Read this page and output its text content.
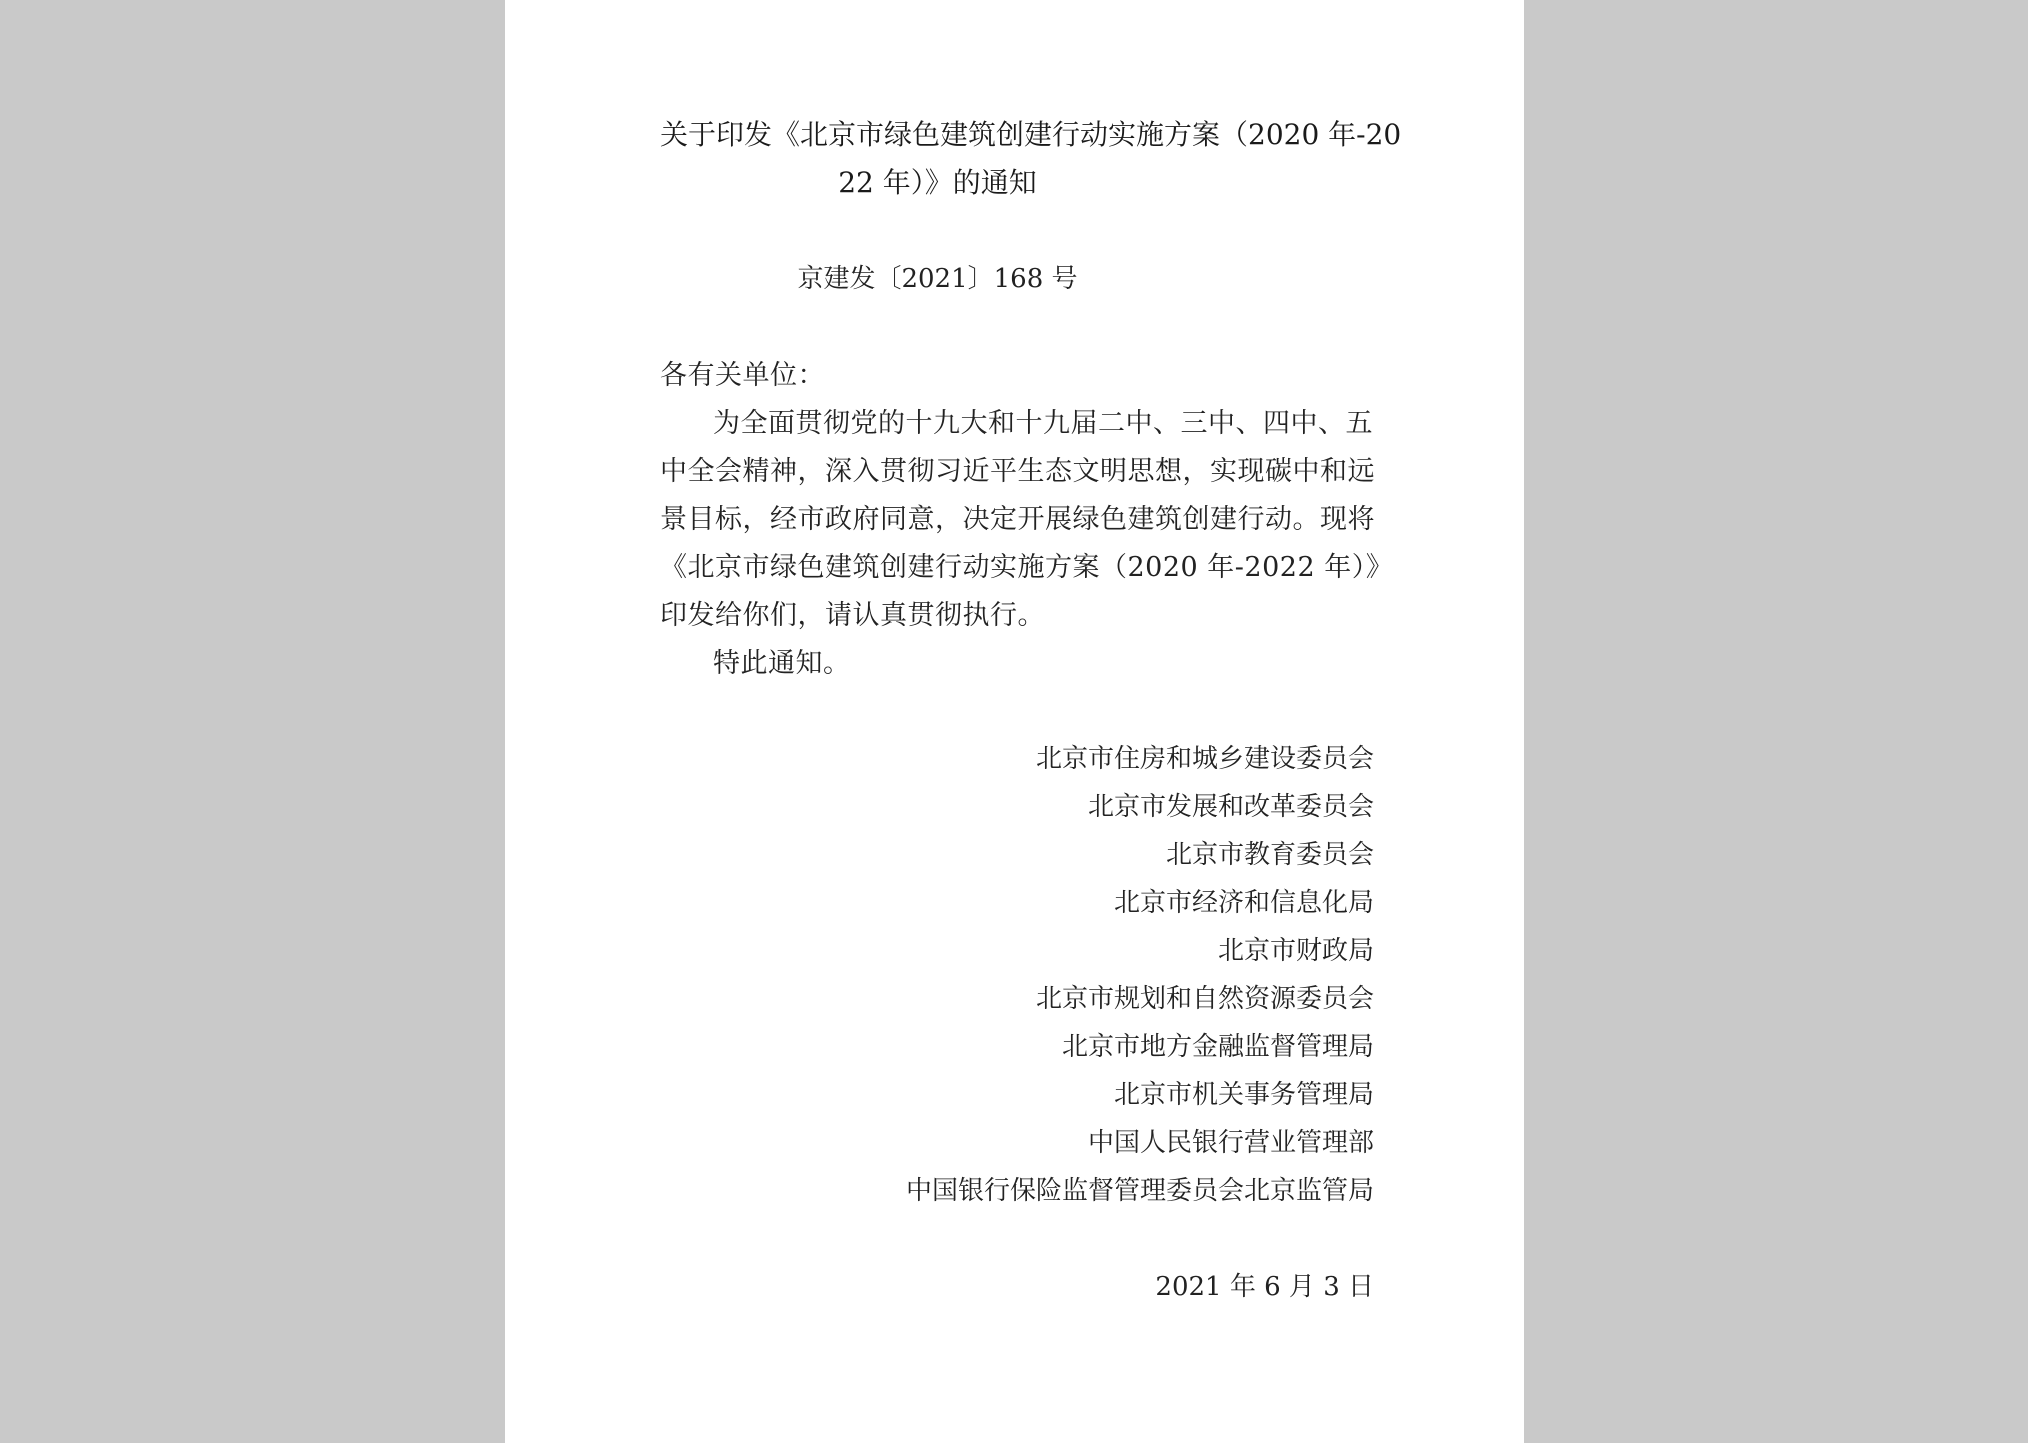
关于印发《北京市绿色建筑创建行动实施方案（2020 年-20
22 年）》的通知
京建发〔2021〕168 号
各有关单位：
为全面贯彻党的十九大和十九届二中、三中、四中、五
中全会精神，深入贯彻习近平生态文明思想，实现碳中和远
景目标，经市政府同意，决定开展绿色建筑创建行动。现将
《北京市绿色建筑创建行动实施方案（2020 年-2022 年）》
印发给你们，请认真贯彻执行。
特此通知。
北京市住房和城乡建设委员会
北京市发展和改革委员会
北京市教育委员会
北京市经济和信息化局
北京市财政局
北京市规划和自然资源委员会
北京市地方金融监督管理局
北京市机关事务管理局
中国人民银行营业管理部
中国银行保险监督管理委员会北京监管局
2021 年 6 月 3 日
